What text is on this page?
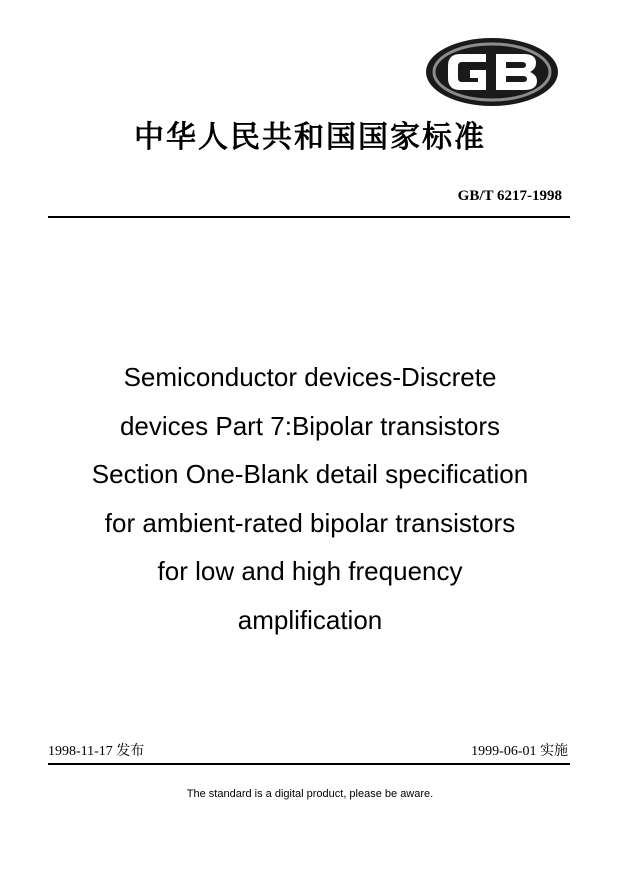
中华人民共和国国家标准
GB/T 6217-1998
Semiconductor devices-Discrete
devices Part 7:Bipolar transistors
Section One-Blank detail specification
for ambient-rated bipolar transistors
for low and high frequency
amplification
1998-11-17 发布	1999-06-01 实施
The standard is a digital product, please be aware.
